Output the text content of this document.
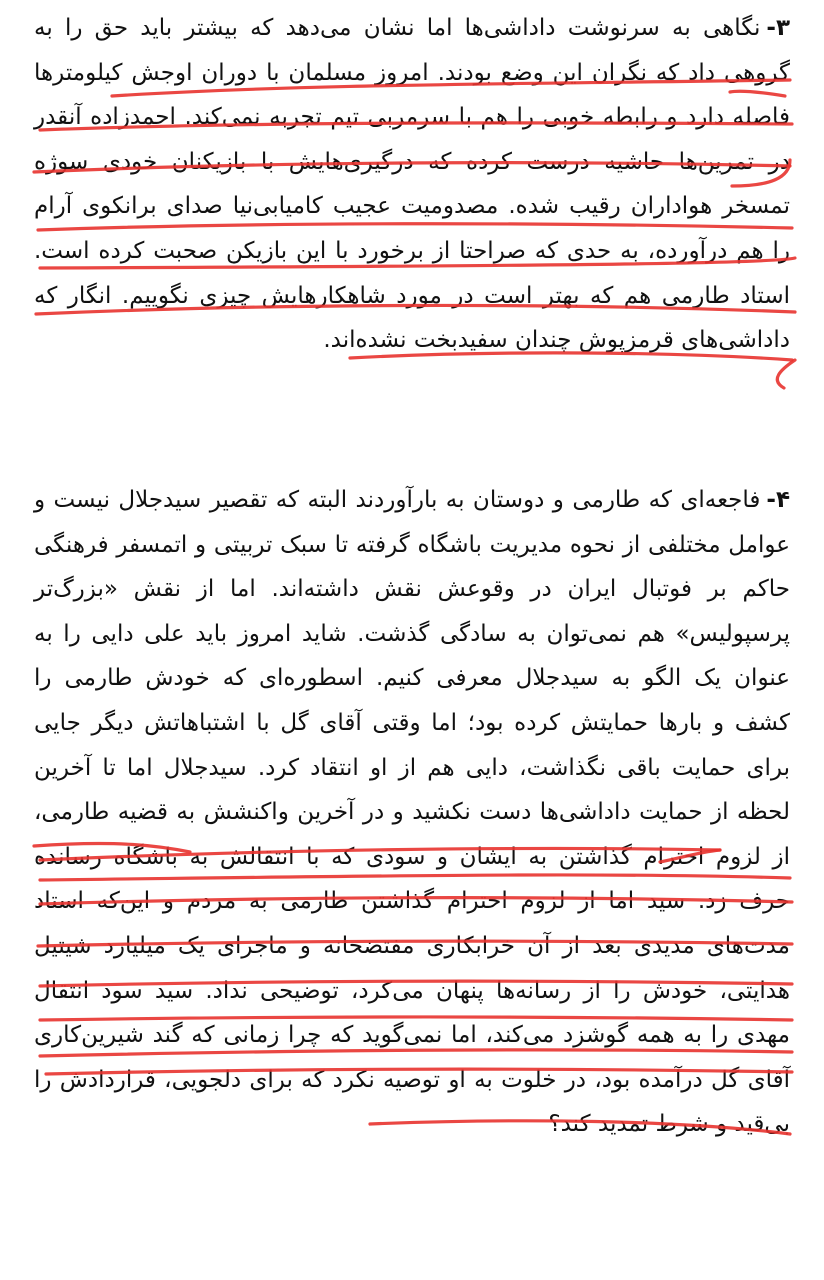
۳-نگاهی به سرنوشت داداشی‌ها اما نشان می‌دهد که بیشتر باید حق را به گروهی داد که نگران این وضع بودند. امروز مسلمان با دوران اوجش کیلومترها فاصله دارد و رابطه خوبی را هم با سرمربی تیم تجربه نمی‌کند. احمدزاده آنقدر در تمرین‌ها حاشیه درست کرده که درگیری‌هایش با بازیکنان خودی سوژه تمسخر هواداران رقیب شده. مصدومیت عجیب کامیابی‌نیا صدای برانکوی آرام را هم درآورده، به حدی که صراحتا از برخورد با این بازیکن صحبت کرده است. استاد طارمی هم که بهتر است در مورد شاهکارهایش چیزی نگوییم. انگار که داداشی‌های قرمزپوش چندان سفیدبخت نشده‌اند.

۴-فاجعه‌ای که طارمی و دوستان به بارآوردند البته که تقصیر سیدجلال نیست و عوامل مختلفی از نحوه مدیریت باشگاه گرفته تا سبک تربیتی و اتمسفر فرهنگی حاکم بر فوتبال ایران در وقوعش نقش داشته‌اند. اما از نقش «بزرگ‌تر پرسپولیس» هم نمی‌توان به سادگی گذشت. شاید امروز باید علی دایی را به عنوان یک الگو به سیدجلال معرفی کنیم. اسطوره‌ای که خودش طارمی را کشف و بارها حمایتش کرده بود؛ اما وقتی آقای گل با اشتباهاتش دیگر جایی برای حمایت باقی نگذاشت، دایی هم از او انتقاد کرد. سیدجلال اما تا آخرین لحظه از حمایت داداشی‌ها دست نکشید و در آخرین واکنشش به قضیه طارمی، از لزوم احترام گذاشتن به ایشان و سودی که با انتقالش به باشگاه رسانده حرف زد. سید اما از لزوم احترام گذاشتن طارمی به مردم و این‌که استاد مدت‌های مدیدی بعد از آن خرابکاری مفتضحانه و ماجرای یک میلیارد شیتیل هدایتی، خودش را از رسانه‌ها پنهان می‌کرد، توضیحی نداد. سید سود انتقال مهدی را به همه گوشزد می‌کند، اما نمی‌گوید که چرا زمانی که گند شیرین‌کاری آقای گل درآمده بود، در خلوت به او توصیه نکرد که برای دلجویی، قراردادش را بی‌قید و شرط تمدید کند؟
